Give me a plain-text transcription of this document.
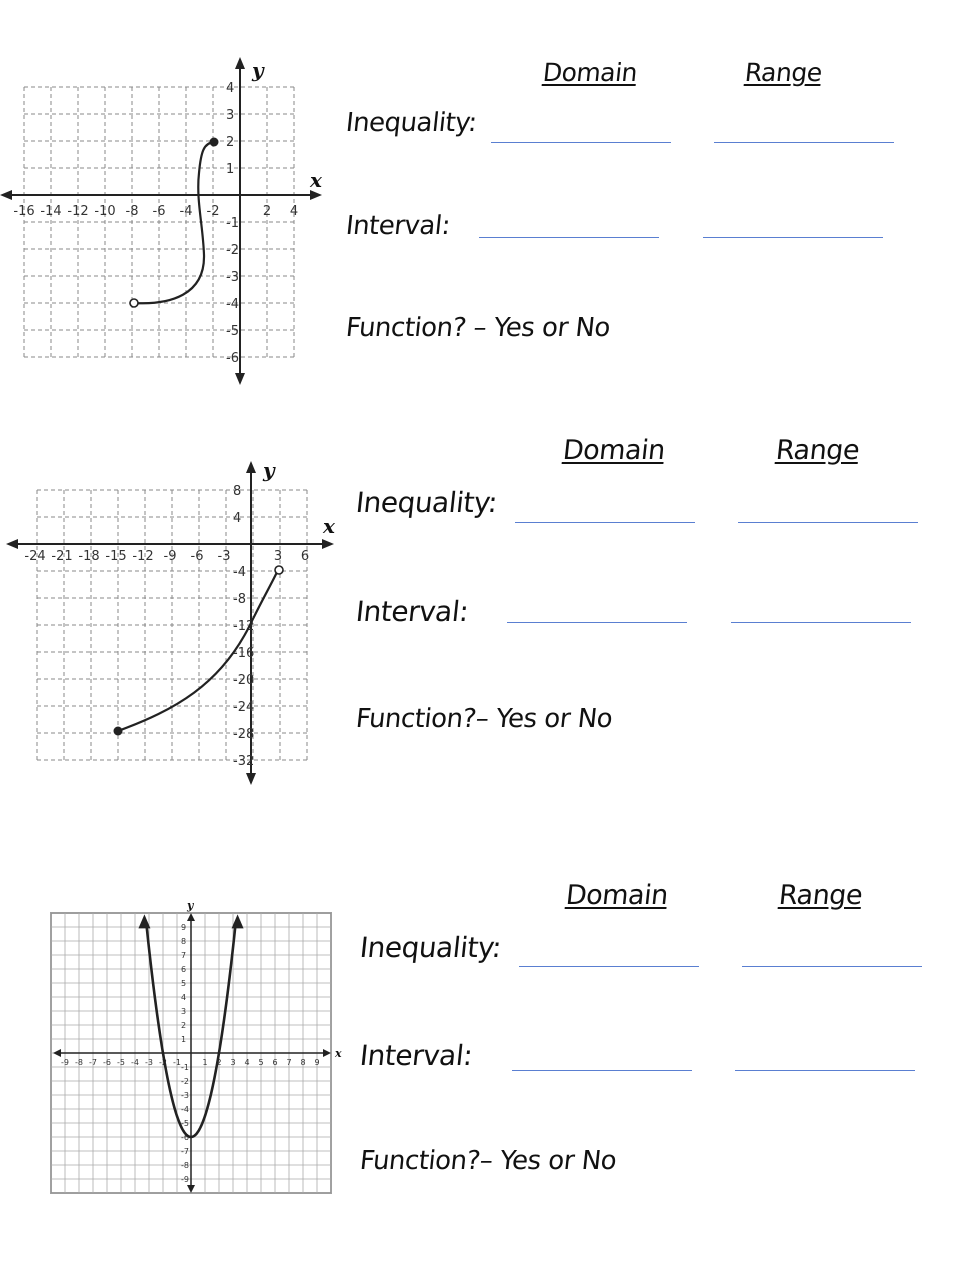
y
x
-16 -14 -12 -10 -8 -6 -4 -2	2 4
4
3
2
1
-1
-2
-3
-4
-5
-6
Domain	Range
Inequality:
Interval:
Function? – Yes or No
y
x
-24 -21 -18 -15 -12 -9 -6 -3	3 6
8
4
-4
-8
-12
-16
-20
-24
-28
-32
Domain	Range
Inequality:
Interval:
Function?– Yes or No
y
x
-9 -8 -7 -6 -5 -4 -3 -2 -1	1 2 3 4 5 6 7 8 9
9
8
7
6
5
4
3
2
1
-1
-2
-3
-4
-5
-6
-7
-8
-9
Domain	Range
Inequality:
Interval:
Function?– Yes or No
